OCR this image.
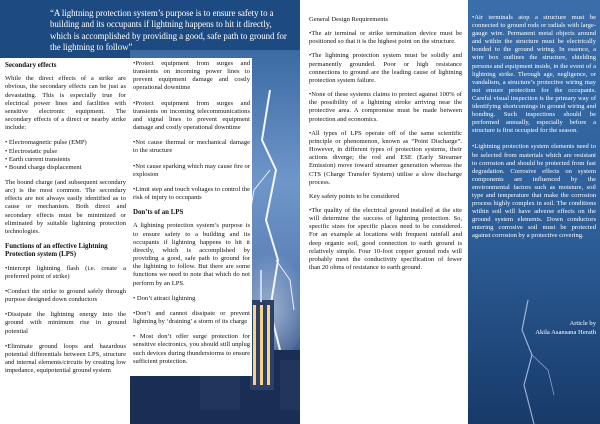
“A lightning protection system’s purpose is to ensure safety to a building and its occupants if lightning happens to hit it directly, which is accomplished by providing a good, safe path to ground for the lightning to follow”
Secondary effects

While the direct effects of a strike are obvious, the secondary effects can be just as devastating. This is especially true for electrical power lines and facilities with sensitive electronic equipment. The secondary effects of a direct or nearby strike include:

• Electromagnetic pulse (EMP)
• Electrostatic pulse
• Earth current transients
• Bound charge displacement

The bound charge (and subsequent secondary arc) is the most common. The secondary effects are not always easily identified as to cause or mechanism. Both direct and secondary effects must be minimized or eliminated by suitable lightning protection technologies.

Functions of an effective Lightning Protection system (LPS)

•Intercept lightning flash (i.e. create a preferred point of strike)

•Conduct the strike to ground safely through purpose designed down conductors

•Dissipate the lightning energy into the ground with minimum rise in ground potential

•Eliminate ground loops and hazardous potential differentials between LPS, structure and internal elements/circuits by creating low impedance, equipotential ground system

•Protect equipment from surges and transients on incoming power lines to prevent equipment damage and costly operational downtime

•Protect equipment from surges and transients on incoming telecommunications and signal lines to prevent equipment damage and costly operational downtime

•Not cause thermal or mechanical damage to the structure

•Not cause sparking which may cause fire or explosion

•Limit step and touch voltages to control the risk of injury to occupants

Don’ts of an LPS

A lightning protection system’s purpose is to ensure safety to a building and its occupants if lightning happens to hit it directly, which is accomplished by providing a good, safe path to ground for the lightning to follow. But there are some functions we need to note that which do not perform by an LPS.

• Don’t attract lightning

•Don’t and cannot dissipate or prevent lightning by ‘draining’ a storm of its charge

• Most don’t offer surge protection for sensitive electronics, you should still unplug such devices during thunderstorms to ensure sufficient protection.

General Design Requirements

•The air terminal or strike termination device must be positioned so that it is the highest point on the structure.

•The lightning protection system must be solidly and permanently grounded. Poor or high resistance connections to ground are the leading cause of lightning protection system failure.

•None of these systems claims to protect against 100% of the possibility of a lightning stroke arriving near the protective area. A compromise must be made between protection and economics.

•All types of LPS operate off of the same scientific principle or phenomenon, known as “Point Discharge”. However, in different types of protection systems, their actions diverge; the rod and ESE (Early Streamer Emission) move toward streamer generation whereas the CTS (Charge Transfer System) utilise a slow discharge process.

Key safety points to be considered

•The quality of the electrical ground installed at the site will determine the success of lightning protection. So, specific sizes for specific places need to be considered. For an example at locations with frequent rainfall and deep organic soil, good connection to earth ground is relatively simple. Four 10-foot copper ground rods will probably meet the conductivity specification of fewer than 20 ohms of resistance to earth ground.

•Air terminals atop a structure must be connected to ground rods or radials with large-gauge wire. Permanent metal objects around and within the structure must be electrically bonded to the ground wiring. In essence, a wire box outlines the structure, shielding persons and equipment inside, in the event of a lightning strike. Through age, negligence, or vandalism, a structure’s protective wiring may not ensure protection for the occupants. Careful visual inspection is the primary way of identifying shortcomings in ground wiring and bonding. Such inspections should be performed annually, especially before a structure is first occupied for the season.

•Lightning protection system elements need to be selected from materials which are resistant to corrosion and should be protected from fast degradation. Corrosive effects on system components are influenced by the environmental factors such as moisture, soil type and temperature that make the corrosion process highly complex in soil. The conditions within soil will have adverse effects on the ground system elements. Down conductors entering corrosive soil must be protected against corrosion by a protective covering.

Article by
Akila Asansana Herath
